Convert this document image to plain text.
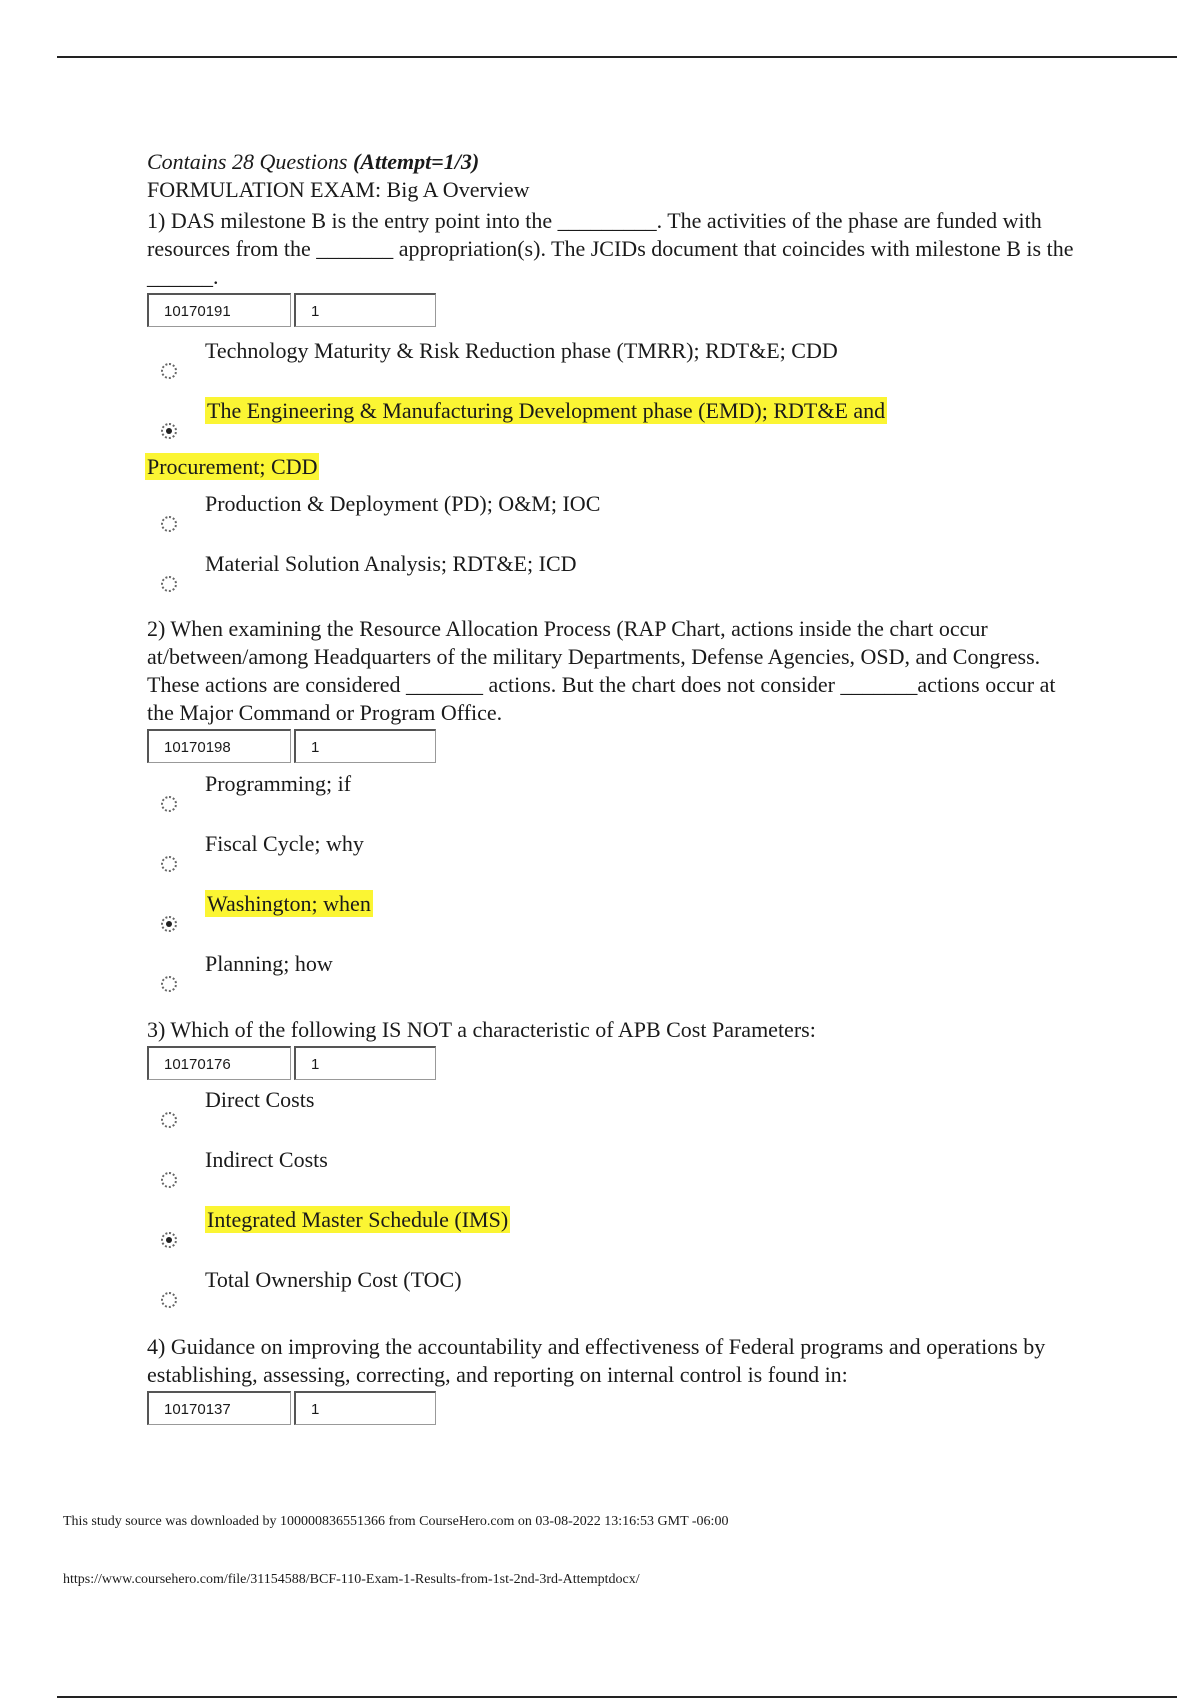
Contains 28 Questions (Attempt=1/3)
FORMULATION EXAM: Big A Overview
1) DAS milestone B is the entry point into the _________. The activities of the phase are funded with resources from the _______ appropriation(s). The JCIDs document that coincides with milestone B is the ______.
10170191	1
Technology Maturity & Risk Reduction phase (TMRR); RDT&E; CDD
The Engineering & Manufacturing Development phase (EMD); RDT&E and
Procurement; CDD
Production & Deployment (PD); O&M; IOC
Material Solution Analysis; RDT&E; ICD
2) When examining the Resource Allocation Process (RAP Chart, actions inside the chart occur at/between/among Headquarters of the military Departments, Defense Agencies, OSD, and Congress. These actions are considered _______ actions. But the chart does not consider _______actions occur at the Major Command or Program Office.
10170198	1
Programming; if
Fiscal Cycle; why
Washington; when
Planning; how
3) Which of the following IS NOT a characteristic of APB Cost Parameters:
10170176	1
Direct Costs
Indirect Costs
Integrated Master Schedule (IMS)
Total Ownership Cost (TOC)
4) Guidance on improving the accountability and effectiveness of Federal programs and operations by establishing, assessing, correcting, and reporting on internal control is found in:
10170137	1
This study source was downloaded by 100000836551366 from CourseHero.com on 03-08-2022 13:16:53 GMT -06:00
https://www.coursehero.com/file/31154588/BCF-110-Exam-1-Results-from-1st-2nd-3rd-Attemptdocx/
